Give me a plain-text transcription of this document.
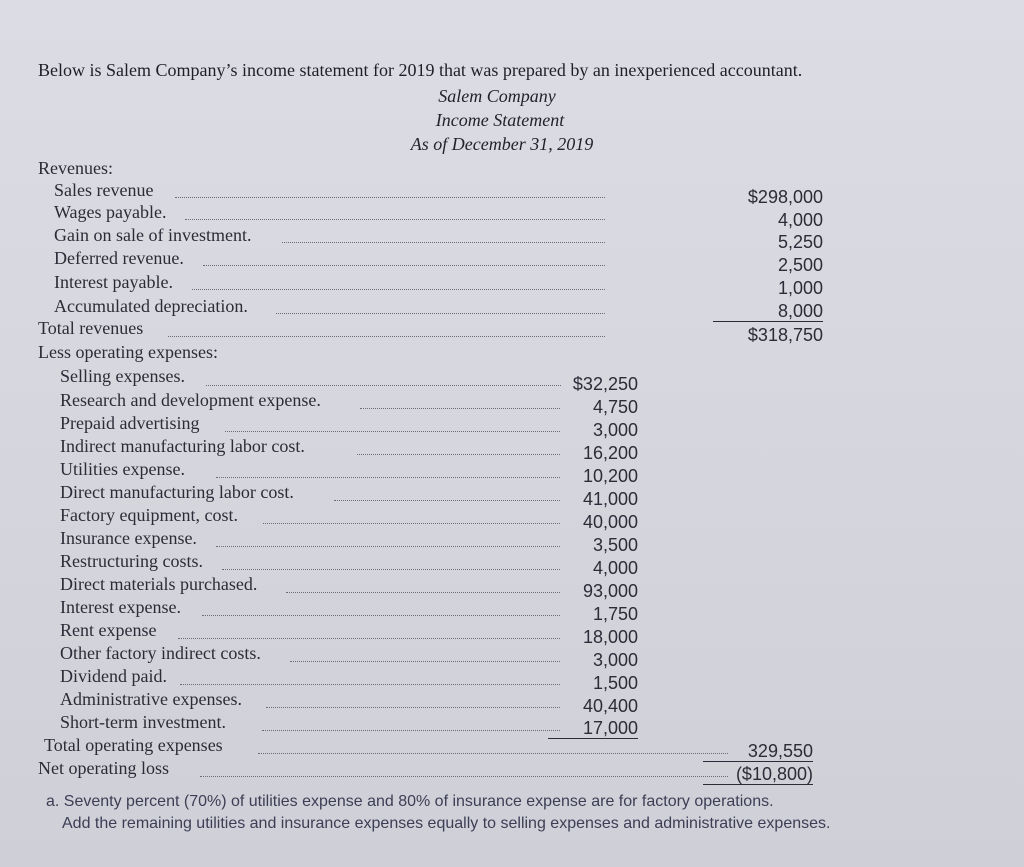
Below is Salem Company’s income statement for 2019 that was prepared by an inexperienced accountant.
Salem Company
Income Statement
As of December 31, 2019
Revenues:
Sales revenue	$298,000
Wages payable.	4,000
Gain on sale of investment.	5,250
Deferred revenue.	2,500
Interest payable.	1,000
Accumulated depreciation.	8,000
Total revenues	$318,750
Less operating expenses:
Selling expenses.	$32,250
Research and development expense.	4,750
Prepaid advertising	3,000
Indirect manufacturing labor cost.	16,200
Utilities expense.	10,200
Direct manufacturing labor cost.	41,000
Factory equipment, cost.	40,000
Insurance expense.	3,500
Restructuring costs.	4,000
Direct materials purchased.	93,000
Interest expense.	1,750
Rent expense	18,000
Other factory indirect costs.	3,000
Dividend paid.	1,500
Administrative expenses.	40,400
Short-term investment.	17,000
Total operating expenses	329,550
Net operating loss	($10,800)
a. Seventy percent (70%) of utilities expense and 80% of insurance expense are for factory operations.
Add the remaining utilities and insurance expenses equally to selling expenses and administrative expenses.
